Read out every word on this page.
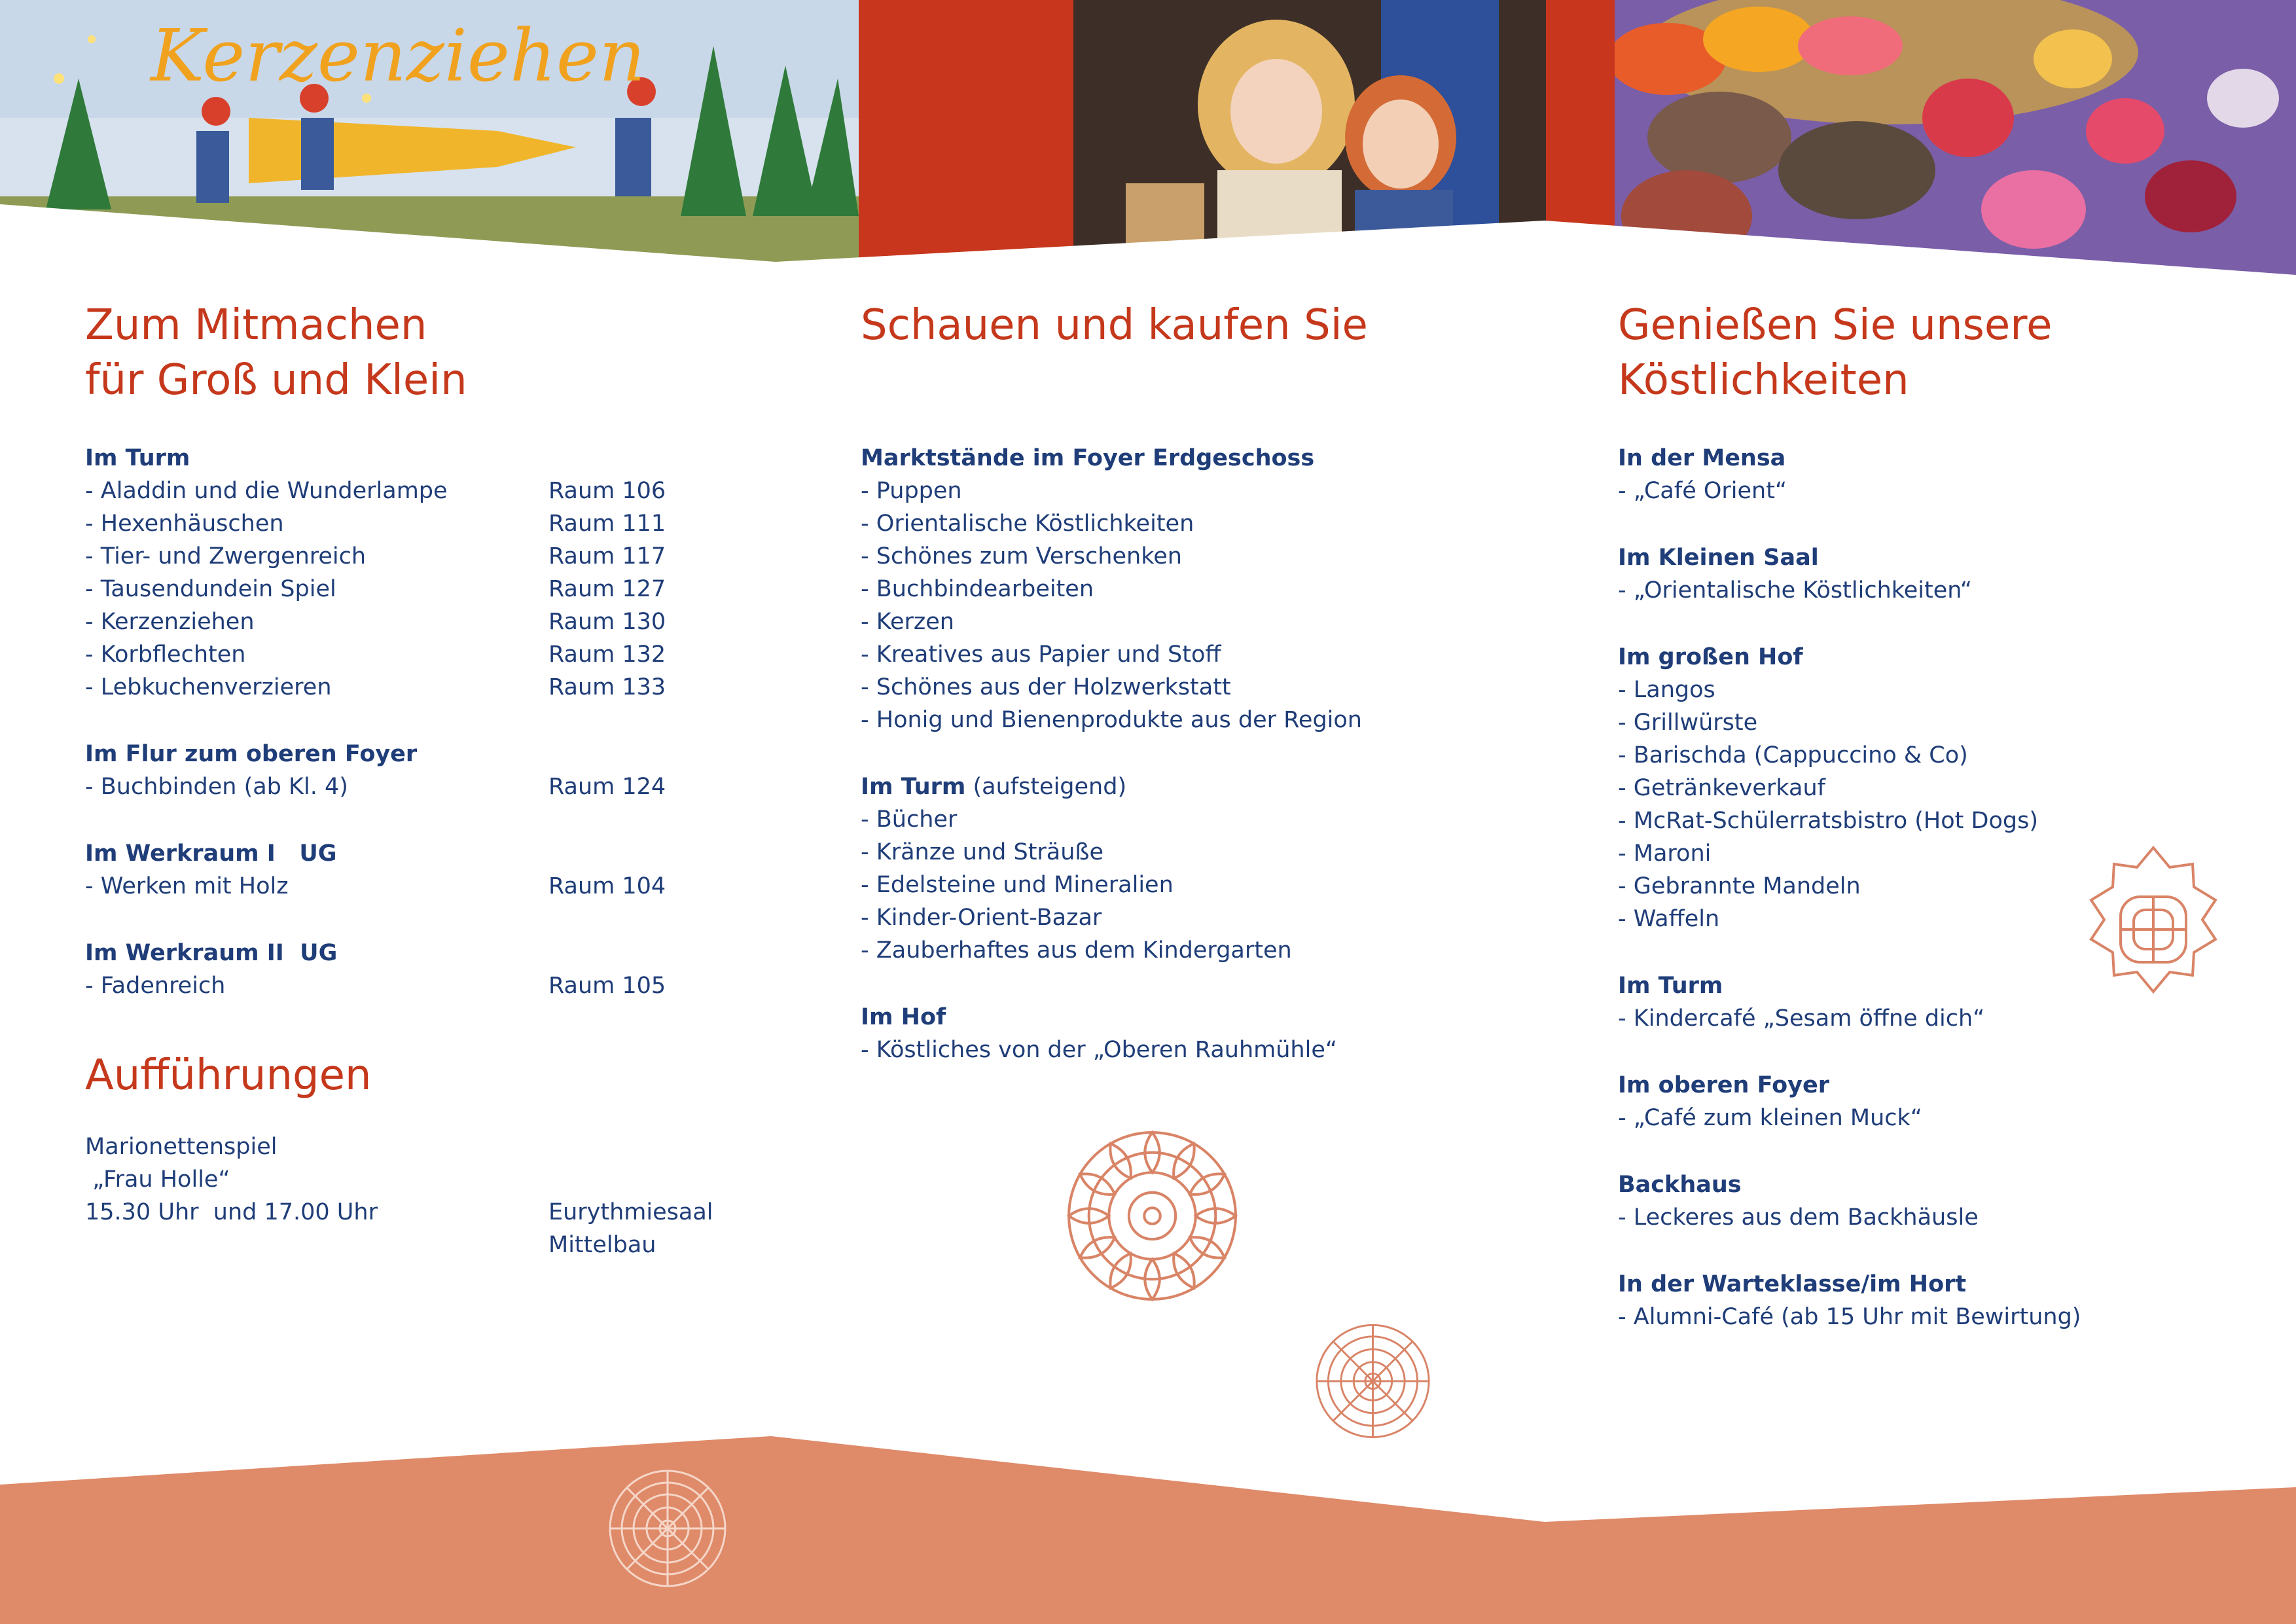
Kerzenziehen
Zum Mitmachen
für Groß und Klein
Im Turm
- Aladdin und die Wunderlampe	Raum 106
- Hexenhäuschen	Raum 111
- Tier- und Zwergenreich	Raum 117
- Tausendundein Spiel	Raum 127
- Kerzenziehen	Raum 130
- Korbflechten	Raum 132
- Lebkuchenverzieren	Raum 133
Im Flur zum oberen Foyer
- Buchbinden (ab Kl. 4)	Raum 124
Im Werkraum I   UG
- Werken mit Holz	Raum 104
Im Werkraum II  UG
- Fadenreich	Raum 105
Aufführungen
Marionettenspiel
„Frau Holle“
15.30 Uhr  und 17.00 Uhr	Eurythmiesaal
Mittelbau

Schauen und kaufen Sie
Marktstände im Foyer Erdgeschoss
- Puppen
- Orientalische Köstlichkeiten
- Schönes zum Verschenken
- Buchbindearbeiten
- Kerzen
- Kreatives aus Papier und Stoff
- Schönes aus der Holzwerkstatt
- Honig und Bienenprodukte aus der Region
Im Turm (aufsteigend)
- Bücher
- Kränze und Sträuße
- Edelsteine und Mineralien
- Kinder-Orient-Bazar
- Zauberhaftes aus dem Kindergarten
Im Hof
- Köstliches von der „Oberen Rauhmühle“
Genießen Sie unsere
Köstlichkeiten
In der Mensa
- „Café Orient“
Im Kleinen Saal
- „Orientalische Köstlichkeiten“
Im großen Hof
- Langos
- Grillwürste
- Barischda (Cappuccino & Co)
- Getränkeverkauf
- McRat-Schülerratsbistro (Hot Dogs)
- Maroni
- Gebrannte Mandeln
- Waffeln
Im Turm
- Kindercafé „Sesam öffne dich“
Im oberen Foyer
- „Café zum kleinen Muck“
Backhaus
- Leckeres aus dem Backhäusle
In der Warteklasse/im Hort
- Alumni-Café (ab 15 Uhr mit Bewirtung)
